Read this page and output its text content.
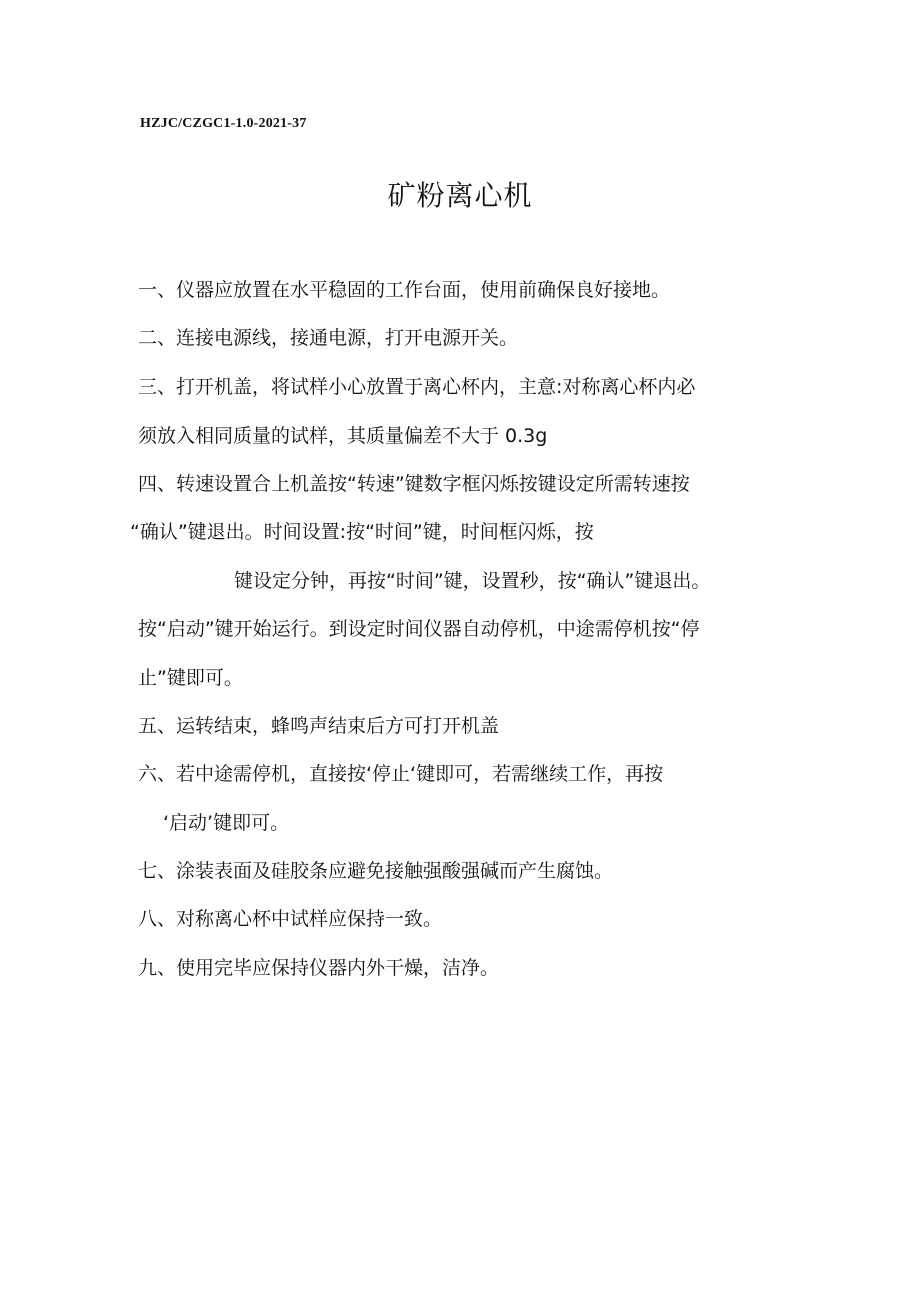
HZJC/CZGC1-1.0-2021-37
矿粉离心机
一、仪器应放置在水平稳固的工作台面，使用前确保良好接地。
二、连接电源线，接通电源，打开电源开关。
三、打开机盖，将试样小心放置于离心杯内，主意:对称离心杯内必
须放入相同质量的试样，其质量偏差不大于 0.3g
四、转速设置合上机盖按“转速”键数字框闪烁按键设定所需转速按
“确认”键退出。时间设置:按“时间”键，时间框闪烁，按
键设定分钟，再按“时间”键，设置秒，按“确认”键退出。
按“启动”键开始运行。到设定时间仪器自动停机，中途需停机按“停
止”键即可。
五、运转结束，蜂鸣声结束后方可打开机盖
六、若中途需停机，直接按‘停止‘键即可，若需继续工作，再按
‘启动’键即可。
七、涂装表面及硅胶条应避免接触强酸强碱而产生腐蚀。
八、对称离心杯中试样应保持一致。
九、使用完毕应保持仪器内外干燥，洁净。
